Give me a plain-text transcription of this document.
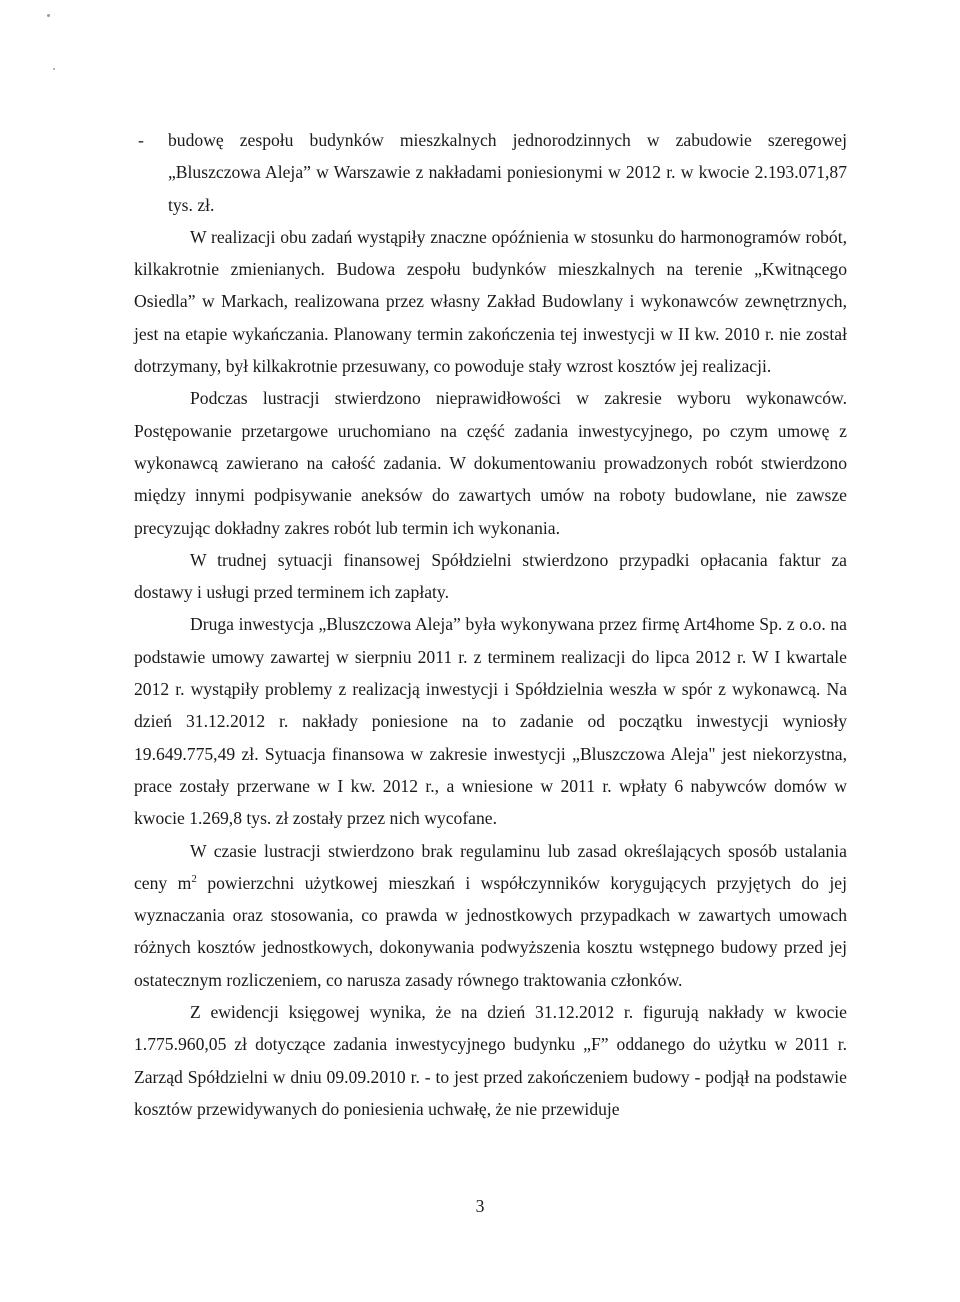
- budowę zespołu budynków mieszkalnych jednorodzinnych w zabudowie szeregowej „Bluszczowa Aleja” w Warszawie z nakładami poniesionymi w 2012 r. w kwocie 2.193.071,87 tys. zł.

W realizacji obu zadań wystąpiły znaczne opóźnienia w stosunku do harmonogramów robót, kilkakrotnie zmienianych. Budowa zespołu budynków mieszkalnych na terenie „Kwitnącego Osiedla” w Markach, realizowana przez własny Zakład Budowlany i wykonawców zewnętrznych, jest na etapie wykańczania. Planowany termin zakończenia tej inwestycji w II kw. 2010 r. nie został dotrzymany, był kilkakrotnie przesuwany, co powoduje stały wzrost kosztów jej realizacji.

Podczas lustracji stwierdzono nieprawidłowości w zakresie wyboru wykonawców. Postępowanie przetargowe uruchomiano na część zadania inwestycyjnego, po czym umowę z wykonawcą zawierano na całość zadania. W dokumentowaniu prowadzonych robót stwierdzono między innymi podpisywanie aneksów do zawartych umów na roboty budowlane, nie zawsze precyzując dokładny zakres robót lub termin ich wykonania.

W trudnej sytuacji finansowej Spółdzielni stwierdzono przypadki opłacania faktur za dostawy i usługi przed terminem ich zapłaty.

Druga inwestycja „Bluszczowa Aleja” była wykonywana przez firmę Art4home Sp. z o.o. na podstawie umowy zawartej w sierpniu 2011 r. z terminem realizacji do lipca 2012 r. W I kwartale 2012 r. wystąpiły problemy z realizacją inwestycji i Spółdzielnia weszła w spór z wykonawcą. Na dzień 31.12.2012 r. nakłady poniesione na to zadanie od początku inwestycji wyniosły 19.649.775,49 zł. Sytuacja finansowa w zakresie inwestycji „Bluszczowa Aleja" jest niekorzystna, prace zostały przerwane w I kw. 2012 r., a wniesione w 2011 r. wpłaty 6 nabywców domów w kwocie 1.269,8 tys. zł zostały przez nich wycofane.

W czasie lustracji stwierdzono brak regulaminu lub zasad określających sposób ustalania ceny $m^2$ powierzchni użytkowej mieszkań i współczynników korygujących przyjętych do jej wyznaczania oraz stosowania, co prawda w jednostkowych przypadkach w zawartych umowach różnych kosztów jednostkowych, dokonywania podwyższenia kosztu wstępnego budowy przed jej ostatecznym rozliczeniem, co narusza zasady równego traktowania członków.

Z ewidencji księgowej wynika, że na dzień 31.12.2012 r. figurują nakłady w kwocie 1.775.960,05 zł dotyczące zadania inwestycyjnego budynku „F” oddanego do użytku w 2011 r. Zarząd Spółdzielni w dniu 09.09.2010 r. - to jest przed zakończeniem budowy - podjął na podstawie kosztów przewidywanych do poniesienia uchwałę, że nie przewiduje

3
